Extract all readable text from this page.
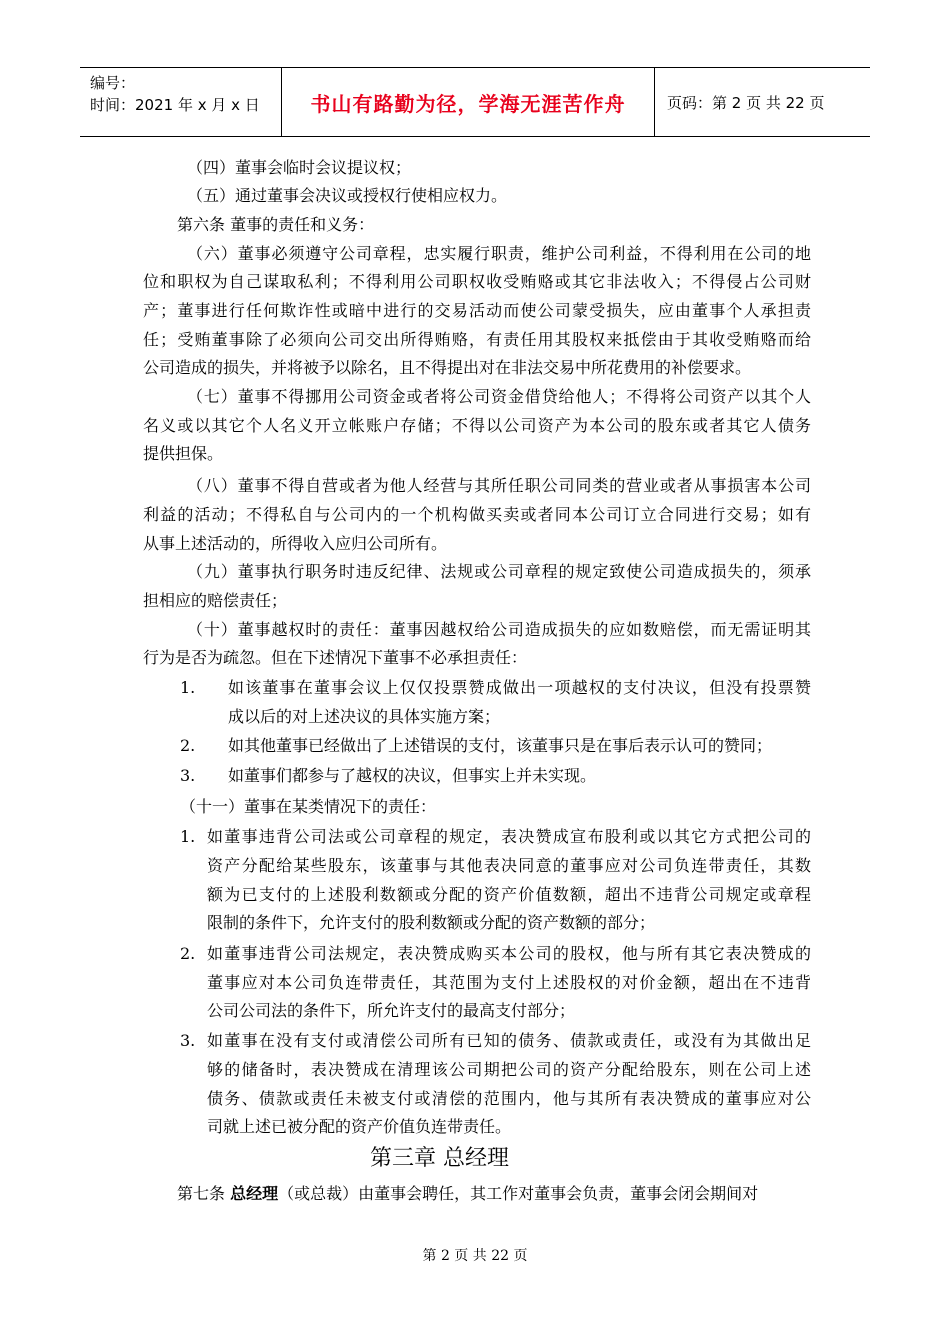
编号：
时间：2021 年 x 月 x 日	书山有路勤为径，学海无涯苦作舟	页码：第 2 页 共 22 页
（四）董事会临时会议提议权；
（五）通过董事会决议或授权行使相应权力。
第六条 董事的责任和义务：
（六）董事必须遵守公司章程，忠实履行职责，维护公司利益，不得利用在公司的地
位和职权为自己谋取私利；不得利用公司职权收受贿赂或其它非法收入；不得侵占公司财
产；董事进行任何欺诈性或暗中进行的交易活动而使公司蒙受损失，应由董事个人承担责
任；受贿董事除了必须向公司交出所得贿赂，有责任用其股权来抵偿由于其收受贿赂而给
公司造成的损失，并将被予以除名，且不得提出对在非法交易中所花费用的补偿要求。
（七）董事不得挪用公司资金或者将公司资金借贷给他人；不得将公司资产以其个人
名义或以其它个人名义开立帐账户存储；不得以公司资产为本公司的股东或者其它人债务
提供担保。
（八）董事不得自营或者为他人经营与其所任职公司同类的营业或者从事损害本公司
利益的活动；不得私自与公司内的一个机构做买卖或者同本公司订立合同进行交易；如有
从事上述活动的，所得收入应归公司所有。
（九）董事执行职务时违反纪律、法规或公司章程的规定致使公司造成损失的，须承
担相应的赔偿责任；
（十）董事越权时的责任：董事因越权给公司造成损失的应如数赔偿，而无需证明其
行为是否为疏忽。但在下述情况下董事不必承担责任：
1. 如该董事在董事会议上仅仅投票赞成做出一项越权的支付决议，但没有投票赞
成以后的对上述决议的具体实施方案；
2. 如其他董事已经做出了上述错误的支付，该董事只是在事后表示认可的赞同；
3. 如董事们都参与了越权的决议，但事实上并未实现。
（十一）董事在某类情况下的责任：
1. 如董事违背公司法或公司章程的规定，表决赞成宣布股利或以其它方式把公司的
资产分配给某些股东，该董事与其他表决同意的董事应对公司负连带责任，其数
额为已支付的上述股利数额或分配的资产价值数额，超出不违背公司规定或章程
限制的条件下，允许支付的股利数额或分配的资产数额的部分；
2. 如董事违背公司法规定，表决赞成购买本公司的股权，他与所有其它表决赞成的
董事应对本公司负连带责任，其范围为支付上述股权的对价金额，超出在不违背
公司公司法的条件下，所允许支付的最高支付部分；
3. 如董事在没有支付或清偿公司所有已知的债务、债款或责任，或没有为其做出足
够的储备时，表决赞成在清理该公司期把公司的资产分配给股东，则在公司上述
债务、债款或责任未被支付或清偿的范围内，他与其所有表决赞成的董事应对公
司就上述已被分配的资产价值负连带责任。
第三章 总经理
第七条 总经理（或总裁）由董事会聘任，其工作对董事会负责，董事会闭会期间对
第 2 页 共 22 页
